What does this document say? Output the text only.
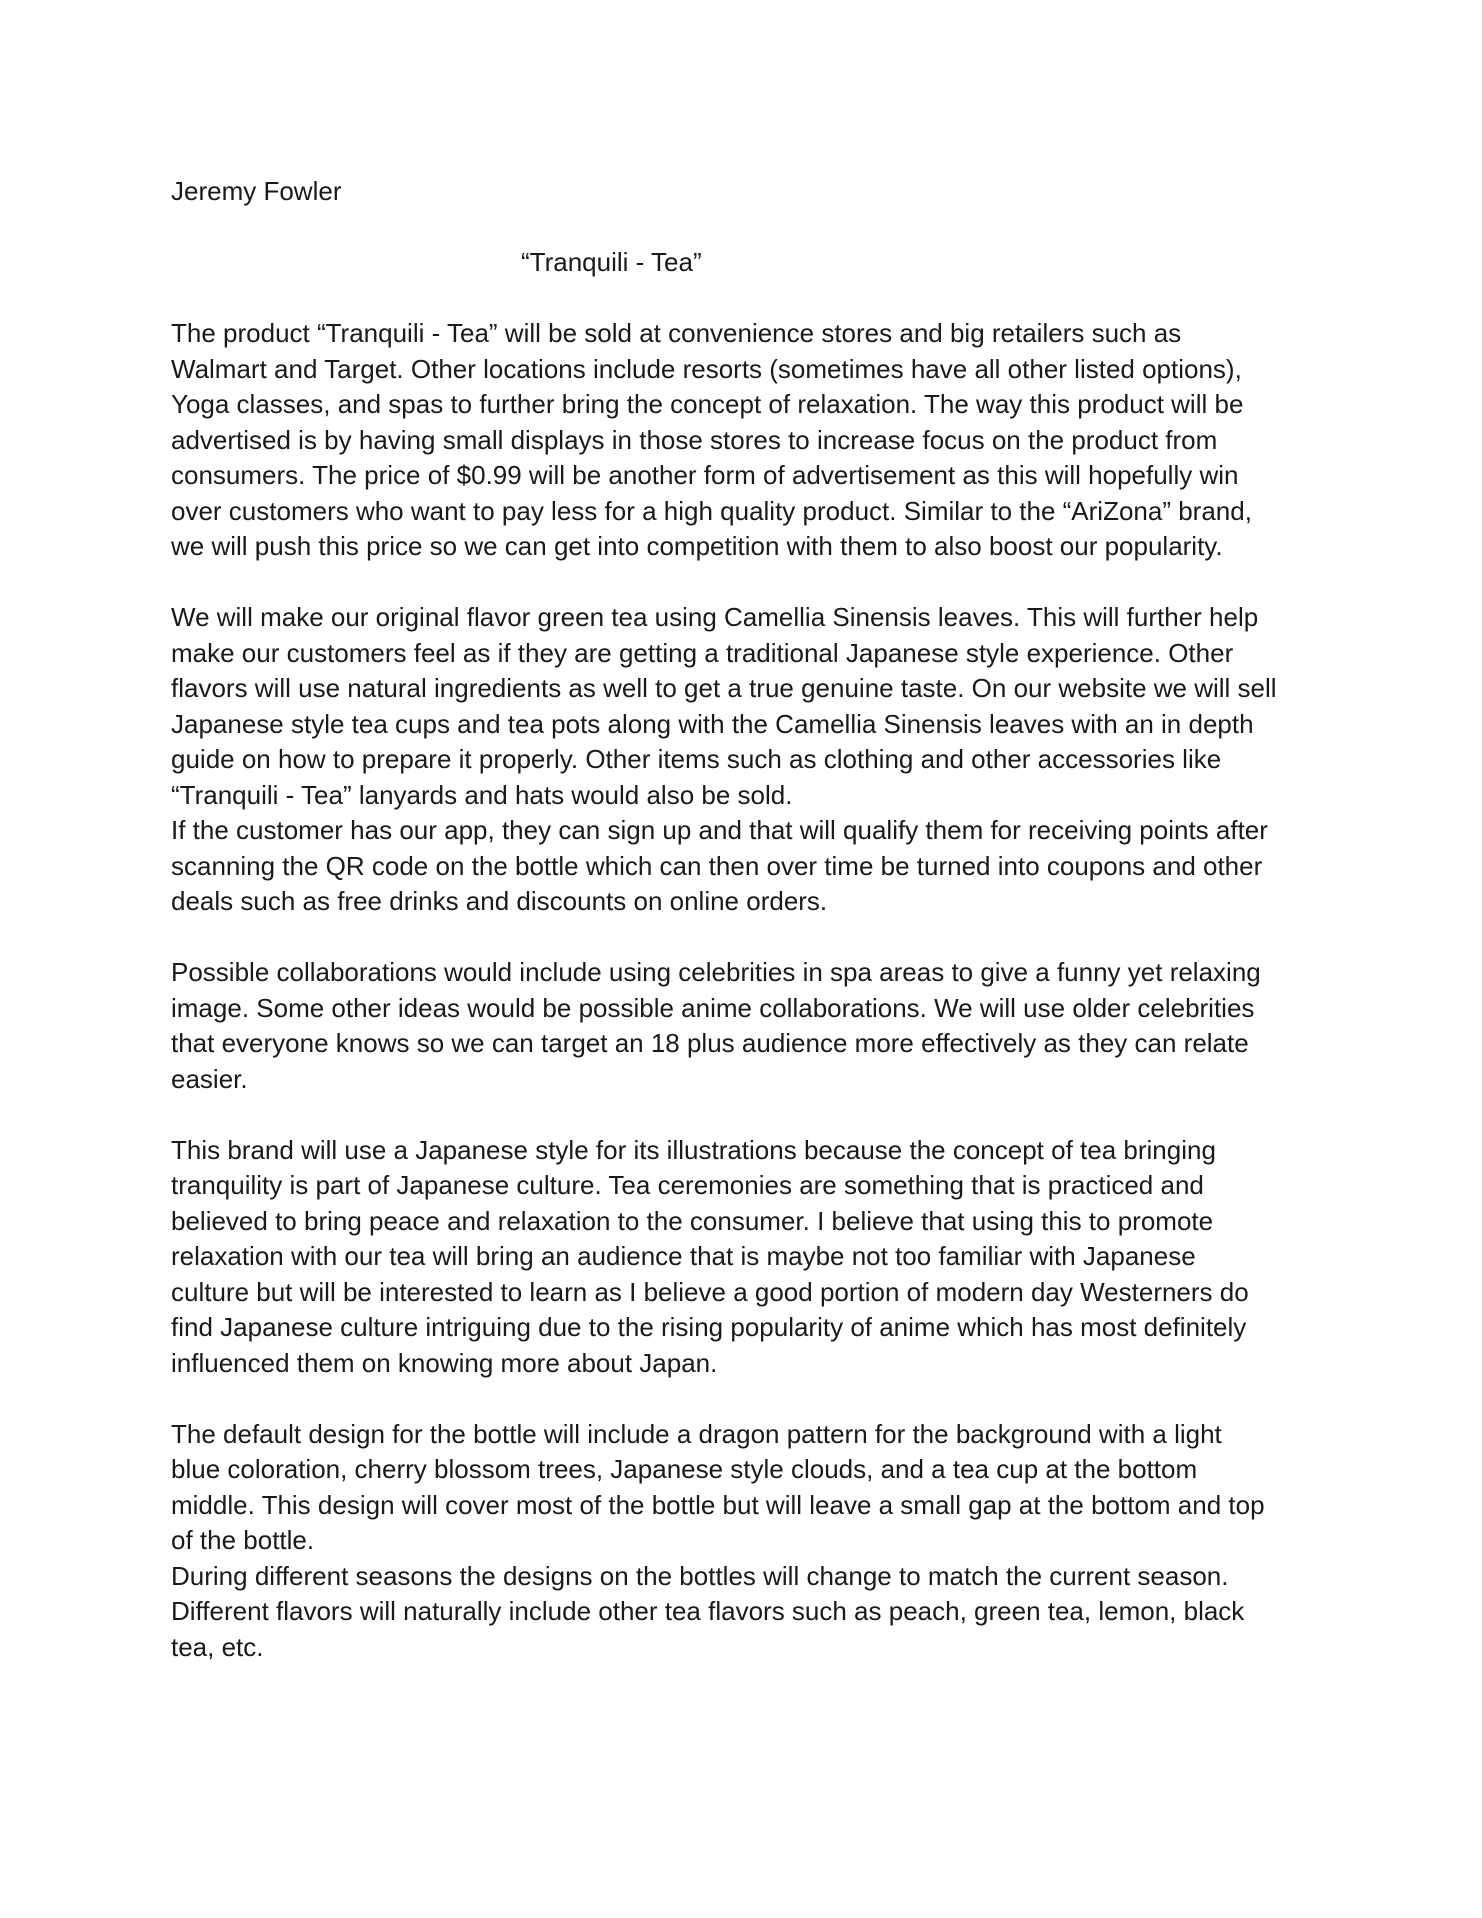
Jeremy Fowler

“Tranquili - Tea”

The product “Tranquili - Tea” will be sold at convenience stores and big retailers such as
Walmart and Target. Other locations include resorts (sometimes have all other listed options),
Yoga classes, and spas to further bring the concept of relaxation. The way this product will be
advertised is by having small displays in those stores to increase focus on the product from
consumers. The price of $0.99 will be another form of advertisement as this will hopefully win
over customers who want to pay less for a high quality product. Similar to the “AriZona” brand,
we will push this price so we can get into competition with them to also boost our popularity.

We will make our original flavor green tea using Camellia Sinensis leaves. This will further help
make our customers feel as if they are getting a traditional Japanese style experience. Other
flavors will use natural ingredients as well to get a true genuine taste. On our website we will sell
Japanese style tea cups and tea pots along with the Camellia Sinensis leaves with an in depth
guide on how to prepare it properly. Other items such as clothing and other accessories like
“Tranquili - Tea” lanyards and hats would also be sold.

If the customer has our app, they can sign up and that will qualify them for receiving points after
scanning the QR code on the bottle which can then over time be turned into coupons and other
deals such as free drinks and discounts on online orders.

Possible collaborations would include using celebrities in spa areas to give a funny yet relaxing
image. Some other ideas would be possible anime collaborations. We will use older celebrities
that everyone knows so we can target an 18 plus audience more effectively as they can relate
easier.

This brand will use a Japanese style for its illustrations because the concept of tea bringing
tranquility is part of Japanese culture. Tea ceremonies are something that is practiced and
believed to bring peace and relaxation to the consumer. I believe that using this to promote
relaxation with our tea will bring an audience that is maybe not too familiar with Japanese
culture but will be interested to learn as I believe a good portion of modern day Westerners do
find Japanese culture intriguing due to the rising popularity of anime which has most definitely
influenced them on knowing more about Japan.

The default design for the bottle will include a dragon pattern for the background with a light
blue coloration, cherry blossom trees, Japanese style clouds, and a tea cup at the bottom
middle. This design will cover most of the bottle but will leave a small gap at the bottom and top
of the bottle.

During different seasons the designs on the bottles will change to match the current season.
Different flavors will naturally include other tea flavors such as peach, green tea, lemon, black
tea, etc.
